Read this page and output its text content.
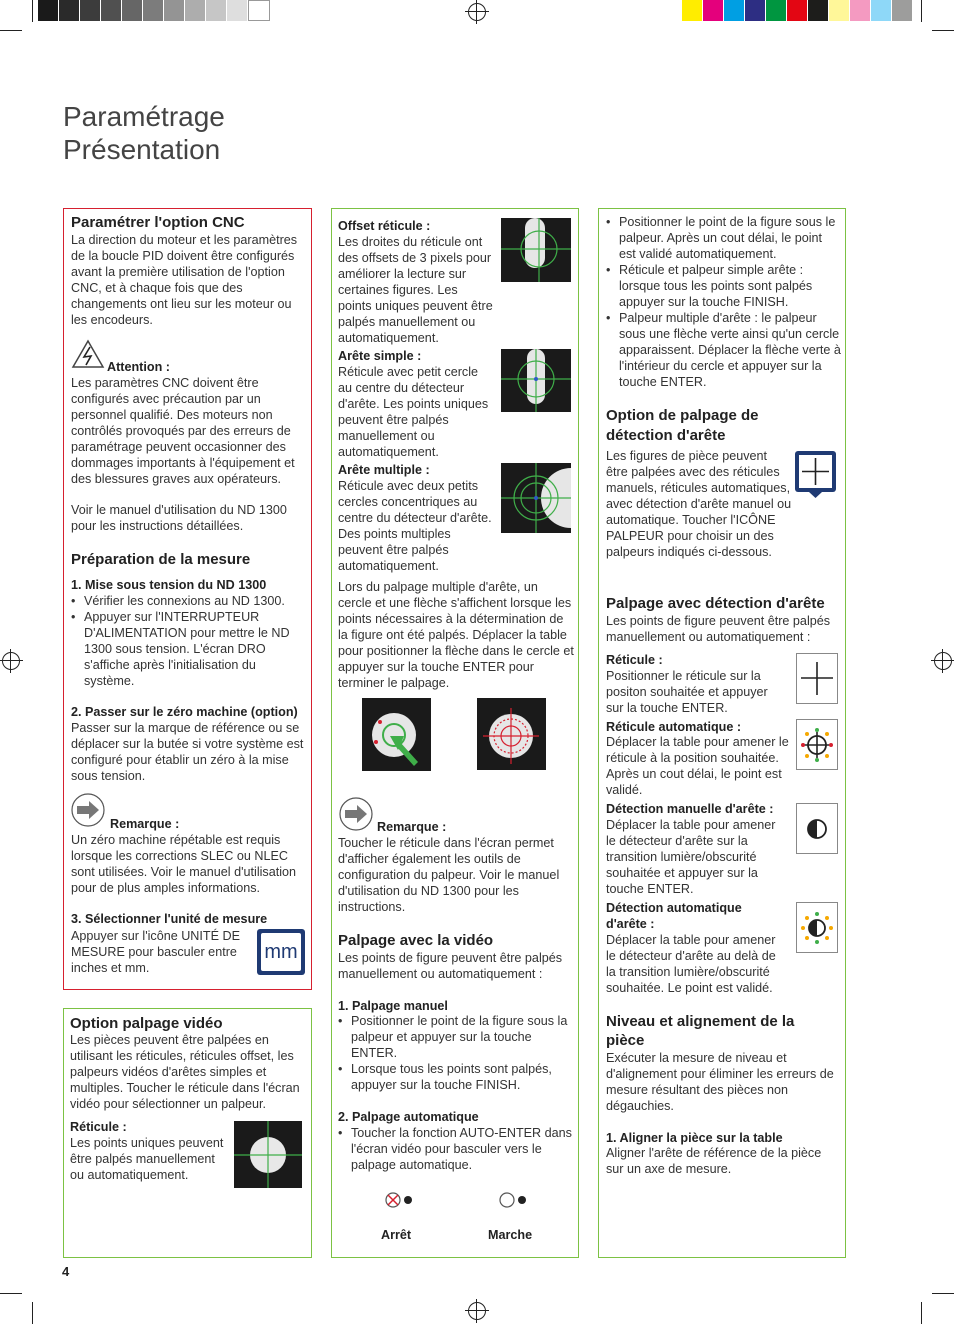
Paramétrage
Présentation
Paramétrer l'option CNC

La direction du moteur et les paramètres de la boucle PID doivent être configurés avant la première utilisation de l'option CNC, et à chaque fois que des changements ont lieu sur les moteur ou les encodeurs.

Attention :

Les paramètres CNC doivent être configurés avec précaution par un personnel qualifié. Des moteurs non contrôlés provoqués par des erreurs de paramétrage peuvent occasionner des dommages importants à l'équipement et des blessures graves aux opérateurs.

Voir le manuel d'utilisation du ND 1300 pour les instructions détaillées.

Préparation de la mesure
1. Mise sous tension du ND 1300
• Vérifier les connexions au ND 1300.
• Appuyer sur l'INTERRUPTEUR D'ALIMENTATION pour mettre le ND 1300 sous tension. L'écran DRO s'affiche après l'initialisation du système.
2. Passer sur le zéro machine (option)

Passer sur la marque de référence ou se déplacer sur la butée si votre système est configuré pour établir un zéro à la mise sous tension.

Remarque :

Un zéro machine répétable est requis lorsque les corrections SLEC ou NLEC sont utilisées. Voir le manuel d'utilisation pour de plus amples informations.

3. Sélectionner l'unité de mesure

Appuyer sur l'icône UNITÉ DE MESURE pour basculer entre inches et mm.

mm
Option palpage vidéo

Les pièces peuvent être palpées en utilisant les réticules, réticules offset, les palpeurs vidéos d'arêtes simples et multiples. Toucher le réticule dans l'écran vidéo pour sélectionner un palpeur.

Réticule :

Les points uniques peuvent être palpés manuellement ou automatiquement.

Offset réticule :

Les droites du réticule ont des offsets de 3 pixels pour améliorer la lecture sur certaines figures. Les points uniques peuvent être palpés manuellement ou automatiquement.

Arête simple :

Réticule avec petit cercle au centre du détecteur d'arête. Les points uniques peuvent être palpés manuellement ou automatiquement.

Arête multiple :

Réticule avec deux petits cercles concentriques au centre du détecteur d'arête. Des points multiples peuvent être palpés automatiquement.

Lors du palpage multiple d'arête, un cercle et une flèche s'affichent lorsque les points nécessaires à la détermination de la figure ont été palpés. Déplacer la table pour positionner la flèche dans le cercle et appuyer sur la touche ENTER pour terminer le palpage.

Remarque :

Toucher le réticule dans l'écran permet d'afficher également les outils de configuration du palpeur. Voir le manuel d'utilisation du ND 1300 pour les instructions.

Palpage avec la vidéo

Les points de figure peuvent être palpés manuellement ou automatiquement :

1. Palpage manuel
• Positionner le point de la figure sous la palpeur et appuyer sur la touche ENTER.
• Lorsque tous les points sont palpés, appuyer sur la touche FINISH.
2. Palpage automatique
• Toucher la fonction AUTO-ENTER dans l'écran vidéo pour basculer vers le palpage automatique.
Arrêt	Marche
• Positionner le point de la figure sous le palpeur. Après un cout délai, le point est validé automatiquement.
• Réticule et palpeur simple arête : lorsque tous les points sont palpés appuyer sur la touche FINISH.
• Palpeur multiple d'arête : le palpeur sous une flèche verte ainsi qu'un cercle apparaissent. Déplacer la flèche verte à l'intérieur du cercle et appuyer sur la touche ENTER.
Option de palpage de détection d'arête

Les figures de pièce peuvent être palpées avec des réticules manuels, réticules automatiques, avec détection d'arête manuel ou automatique. Toucher l'ICÔNE PALPEUR pour choisir un des palpeurs indiqués ci-dessous.

Palpage avec détection d'arête

Les points de figure peuvent être palpés manuellement ou automatiquement :

Réticule :

Positionner le réticule sur la positon souhaitée et appuyer sur la touche ENTER.

Réticule automatique :

Déplacer la table pour amener le réticule à la position souhaitée. Après un cout délai, le point est validé.

Détection manuelle d'arête :

Déplacer la table pour amener le détecteur d'arête sur la transition lumière/obscurité souhaitée et appuyer sur la touche ENTER.

Détection automatique d'arête :

Déplacer la table pour amener le détecteur d'arête au delà de la transition lumière/obscurité souhaitée. Le point est validé.

Niveau et alignement de la pièce

Exécuter la mesure de niveau et d'alignement pour éliminer les erreurs de mesure résultant des pièces non dégauchies.

1. Aligner la pièce sur la table

Aligner l'arête de référence de la pièce sur un axe de mesure.

4
